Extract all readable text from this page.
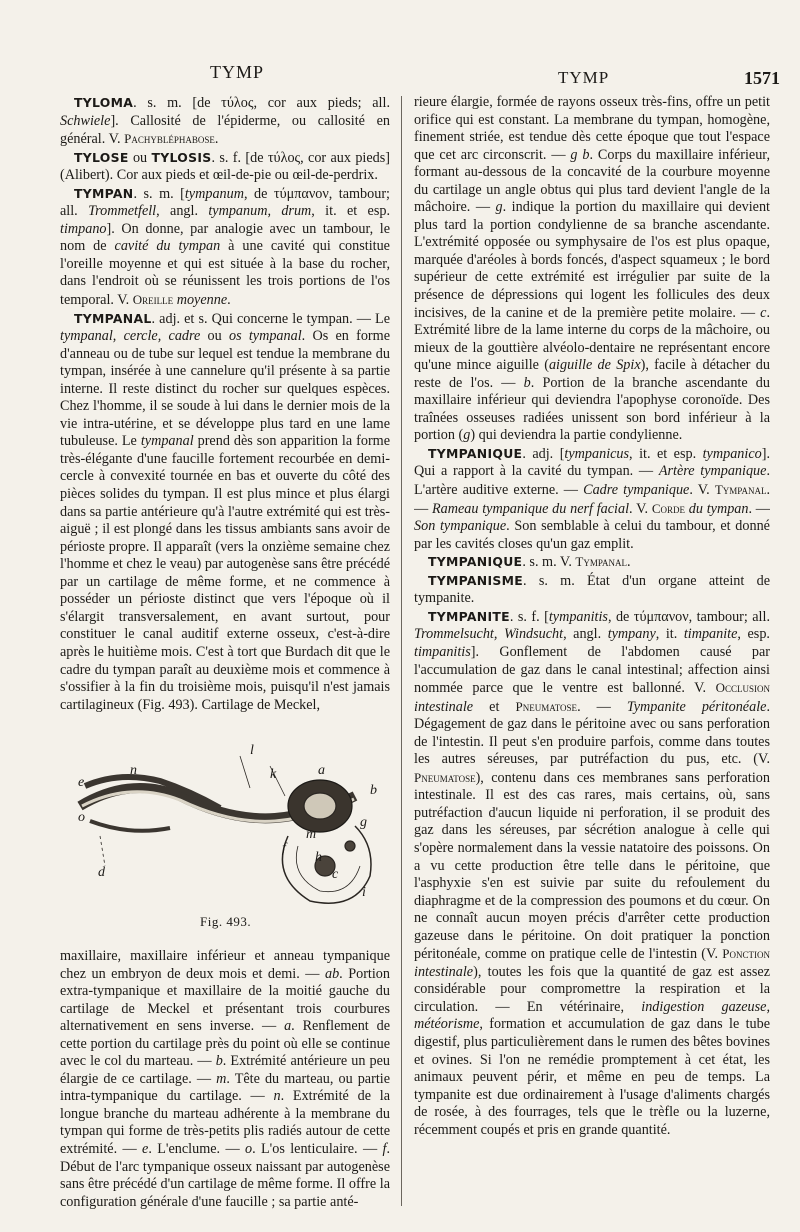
TYMP	TYMP	1571

TYLOMA. s. m. [de τύλος, cor aux pieds; all. Schwiele]. Callosité de l'épiderme, ou callosité en général. V. Pachybléphabose.

TYLOSE ou TYLOSIS. s. f. [de τύλος, cor aux pieds] (Alibert). Cor aux pieds et œil-de-pie ou œil-de-perdrix.

TYMPAN. s. m. [tympanum, de τύμπανον, tambour; all. Trommetfell, angl. tympanum, drum, it. et esp. timpano]. On donne, par analogie avec un tambour, le nom de cavité du tympan à une cavité qui constitue l'oreille moyenne et qui est située à la base du rocher, dans l'endroit où se réunissent les trois portions de l'os temporal. V. Oreille moyenne.

TYMPANAL. adj. et s. Qui concerne le tympan. — Le tympanal, cercle, cadre ou os tympanal. Os en forme d'anneau ou de tube sur lequel est tendue la membrane du tympan, insérée à une cannelure qu'il présente à sa partie interne. Il reste distinct du rocher sur quelques espèces. Chez l'homme, il se soude à lui dans le dernier mois de la vie intra-utérine, et se développe plus tard en une lame tubuleuse. Le tympanal prend dès son apparition la forme très-élégante d'une faucille fortement recourbée en demi-cercle à convexité tournée en bas et ouverte du côté des pièces solides du tympan. Il est plus mince et plus élargi dans sa partie antérieure qu'à l'autre extrémité qui est très-aiguë ; il est plongé dans les tissus ambiants sans avoir de périoste propre. Il apparaît (vers la onzième semaine chez l'homme et chez le veau) par autogenèse sans être précédé par un cartilage de même forme, et ne commence à posséder un périoste distinct que vers l'époque où il s'élargit transversalement, en avant surtout, pour constituer le canal auditif externe osseux, c'est-à-dire après le huitième mois. C'est à tort que Burdach dit que le cadre du tympan paraît au deuxième mois et commence à s'ossifier à la fin du troisième mois, puisqu'il n'est jamais cartilagineux (Fig. 493). Cartilage de Meckel,

e
n
o
d
l
k	a
g
c
i
h
m
f
b
Fig. 493.

maxillaire, maxillaire inférieur et anneau tympanique chez un embryon de deux mois et demi. — ab. Portion extra-tympanique et maxillaire de la moitié gauche du cartilage de Meckel et présentant trois courbures alternativement en sens inverse. — a. Renflement de cette portion du cartilage près du point où elle se continue avec le col du marteau. — b. Extrémité antérieure un peu élargie de ce cartilage. — m. Tête du marteau, ou partie intra-tympanique du cartilage. — n. Extrémité de la longue branche du marteau adhérente à la membrane du tympan qui forme de très-petits plis radiés autour de cette extrémité. — e. L'enclume. — o. L'os lenticulaire. — f. Début de l'arc tympanique osseux naissant par autogenèse sans être précédé d'un cartilage de même forme. Il offre la configuration générale d'une faucille ; sa partie anté-

rieure élargie, formée de rayons osseux très-fins, offre un petit orifice qui est constant. La membrane du tympan, homogène, finement striée, est tendue dès cette époque que tout l'espace que cet arc circonscrit. — g b. Corps du maxillaire inférieur, formant au-dessous de la concavité de la courbure moyenne du cartilage un angle obtus qui plus tard devient l'angle de la mâchoire. — g. indique la portion du maxillaire qui devient plus tard la portion condylienne de sa branche ascendante. L'extrémité opposée ou symphysaire de l'os est plus opaque, marquée d'aréoles à bords foncés, d'aspect squameux ; le bord supérieur de cette extrémité est irrégulier par suite de la présence de dépressions qui logent les follicules des deux incisives, de la canine et de la première petite molaire. — c. Extrémité libre de la lame interne du corps de la mâchoire, ou mieux de la gouttière alvéolo-dentaire ne représentant encore qu'une mince aiguille (aiguille de Spix), facile à détacher du reste de l'os. — b. Portion de la branche ascendante du maxillaire inférieur qui deviendra l'apophyse coronoïde. Des traînées osseuses radiées unissent son bord inférieur à la portion (g) qui deviendra la partie condylienne.

TYMPANIQUE. adj. [tympanicus, it. et esp. tympanico]. Qui a rapport à la cavité du tympan. — Artère tympanique. L'artère auditive externe. — Cadre tympanique. V. Tympanal. — Rameau tympanique du nerf facial. V. Corde du tympan. — Son tympanique. Son semblable à celui du tambour, et donné par les cavités closes qu'un gaz emplit.

TYMPANIQUE. s. m. V. Tympanal.

TYMPANISME. s. m. État d'un organe atteint de tympanite.

TYMPANITE. s. f. [tympanitis, de τύμπανον, tambour; all. Trommelsucht, Windsucht, angl. tympany, it. timpanite, esp. timpanitis]. Gonflement de l'abdomen causé par l'accumulation de gaz dans le canal intestinal; affection ainsi nommée parce que le ventre est ballonné. V. Occlusion intestinale et Pneumatose. — Tympanite péritonéale. Dégagement de gaz dans le péritoine avec ou sans perforation de l'intestin. Il peut s'en produire parfois, comme dans toutes les autres séreuses, par putréfaction du pus, etc. (V. Pneumatose), contenu dans ces membranes sans perforation intestinale. Il est des cas rares, mais certains, où, sans putréfaction d'aucun liquide ni perforation, il se produit des gaz dans les séreuses, par sécrétion analogue à celle qui s'opère normalement dans la vessie natatoire des poissons. On a vu cette production être telle dans le péritoine, que l'asphyxie s'en est suivie par suite du refoulement du diaphragme et de la compression des poumons et du cœur. On ne connaît aucun moyen précis d'arrêter cette production gazeuse dans le péritoine. On doit pratiquer la ponction péritonéale, comme on pratique celle de l'intestin (V. Ponction intestinale), toutes les fois que la quantité de gaz est assez considérable pour compromettre la respiration et la circulation. — En vétérinaire, indigestion gazeuse, météorisme, formation et accumulation de gaz dans le tube digestif, plus particulièrement dans le rumen des bêtes bovines et ovines. Si l'on ne remédie promptement à cet état, les animaux peuvent périr, et même en peu de temps. La tympanite est due ordinairement à l'usage d'aliments chargés de rosée, à des fourrages, tels que le trèfle ou la luzerne, récemment coupés et pris en grande quantité.
